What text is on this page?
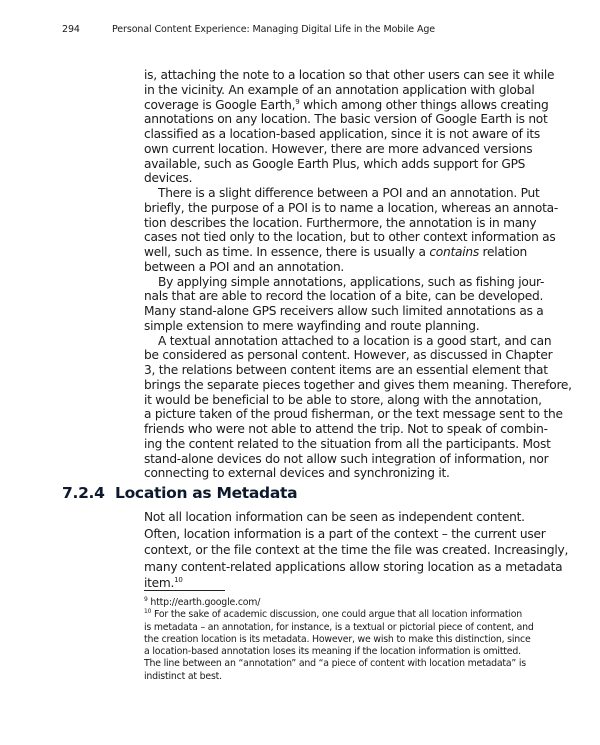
294	Personal Content Experience: Managing Digital Life in the Mobile Age
is, attaching the note to a location so that other users can see it while
in the vicinity. An example of an annotation application with global
coverage is Google Earth,$^9$ which among other things allows creating
annotations on any location. The basic version of Google Earth is not
classified as a location-based application, since it is not aware of its
own current location. However, there are more advanced versions
available, such as Google Earth Plus, which adds support for GPS
devices.
There is a slight difference between a POI and an annotation. Put
briefly, the purpose of a POI is to name a location, whereas an annota-
tion describes the location. Furthermore, the annotation is in many
cases not tied only to the location, but to other context information as
well, such as time. In essence, there is usually a contains relation
between a POI and an annotation.
By applying simple annotations, applications, such as fishing jour-
nals that are able to record the location of a bite, can be developed.
Many stand-alone GPS receivers allow such limited annotations as a
simple extension to mere wayfinding and route planning.
A textual annotation attached to a location is a good start, and can
be considered as personal content. However, as discussed in Chapter
3, the relations between content items are an essential element that
brings the separate pieces together and gives them meaning. Therefore,
it would be beneficial to be able to store, along with the annotation,
a picture taken of the proud fisherman, or the text message sent to the
friends who were not able to attend the trip. Not to speak of combin-
ing the content related to the situation from all the participants. Most
stand-alone devices do not allow such integration of information, nor
connecting to external devices and synchronizing it.
7.2.4 Location as Metadata
Not all location information can be seen as independent content.
Often, location information is a part of the context – the current user
context, or the file context at the time the file was created. Increasingly,
many content-related applications allow storing location as a metadata
item.$^{10}$
$^9$ http://earth.google.com/
$^{10}$ For the sake of academic discussion, one could argue that all location information
is metadata – an annotation, for instance, is a textual or pictorial piece of content, and
the creation location is its metadata. However, we wish to make this distinction, since
a location-based annotation loses its meaning if the location information is omitted.
The line between an “annotation” and “a piece of content with location metadata” is
indistinct at best.
